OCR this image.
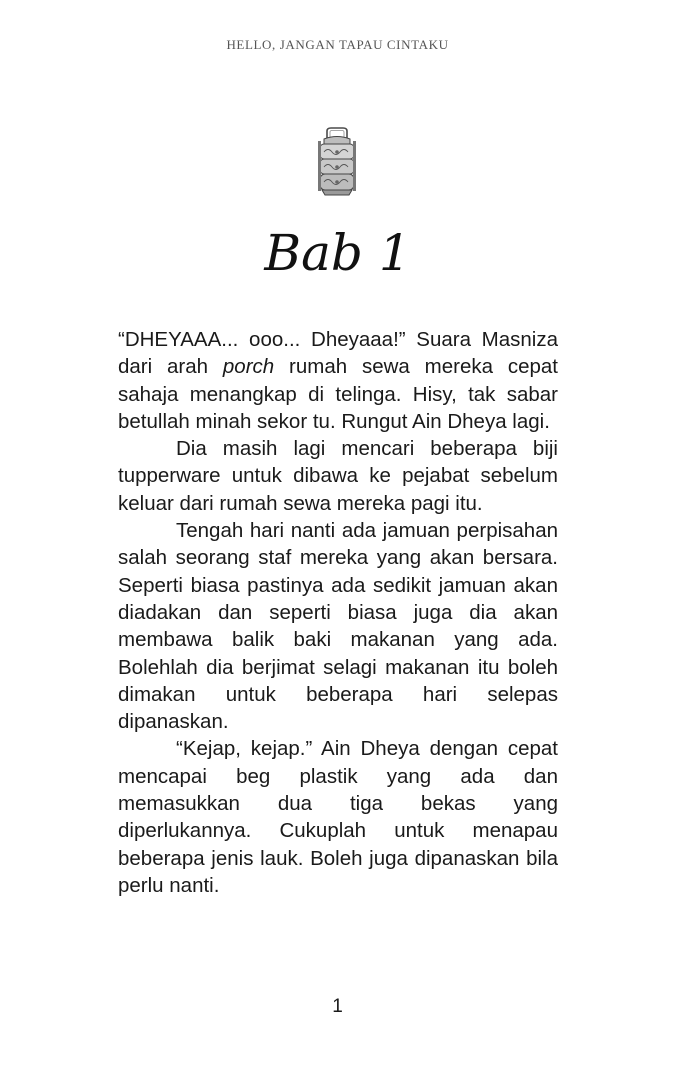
HELLO, JANGAN TAPAU CINTAKU
Bab 1

“DHEYAAA... ooo... Dheyaaa!” Suara Masniza dari arah porch rumah sewa mereka cepat sahaja menangkap di telinga. Hisy, tak sabar betullah minah sekor tu. Rungut Ain Dheya lagi.

Dia masih lagi mencari beberapa biji tupperware untuk dibawa ke pejabat sebelum keluar dari rumah sewa mereka pagi itu.

Tengah hari nanti ada jamuan perpisahan salah seorang staf mereka yang akan bersara. Seperti biasa pastinya ada sedikit jamuan akan diadakan dan seperti biasa juga dia akan membawa balik baki makanan yang ada. Bolehlah dia berjimat selagi makanan itu boleh dimakan untuk beberapa hari selepas dipanaskan.

“Kejap, kejap.” Ain Dheya dengan cepat mencapai beg plastik yang ada dan memasukkan dua tiga bekas yang diperlukannya. Cukuplah untuk menapau beberapa jenis lauk. Boleh juga dipanaskan bila perlu nanti.

1
